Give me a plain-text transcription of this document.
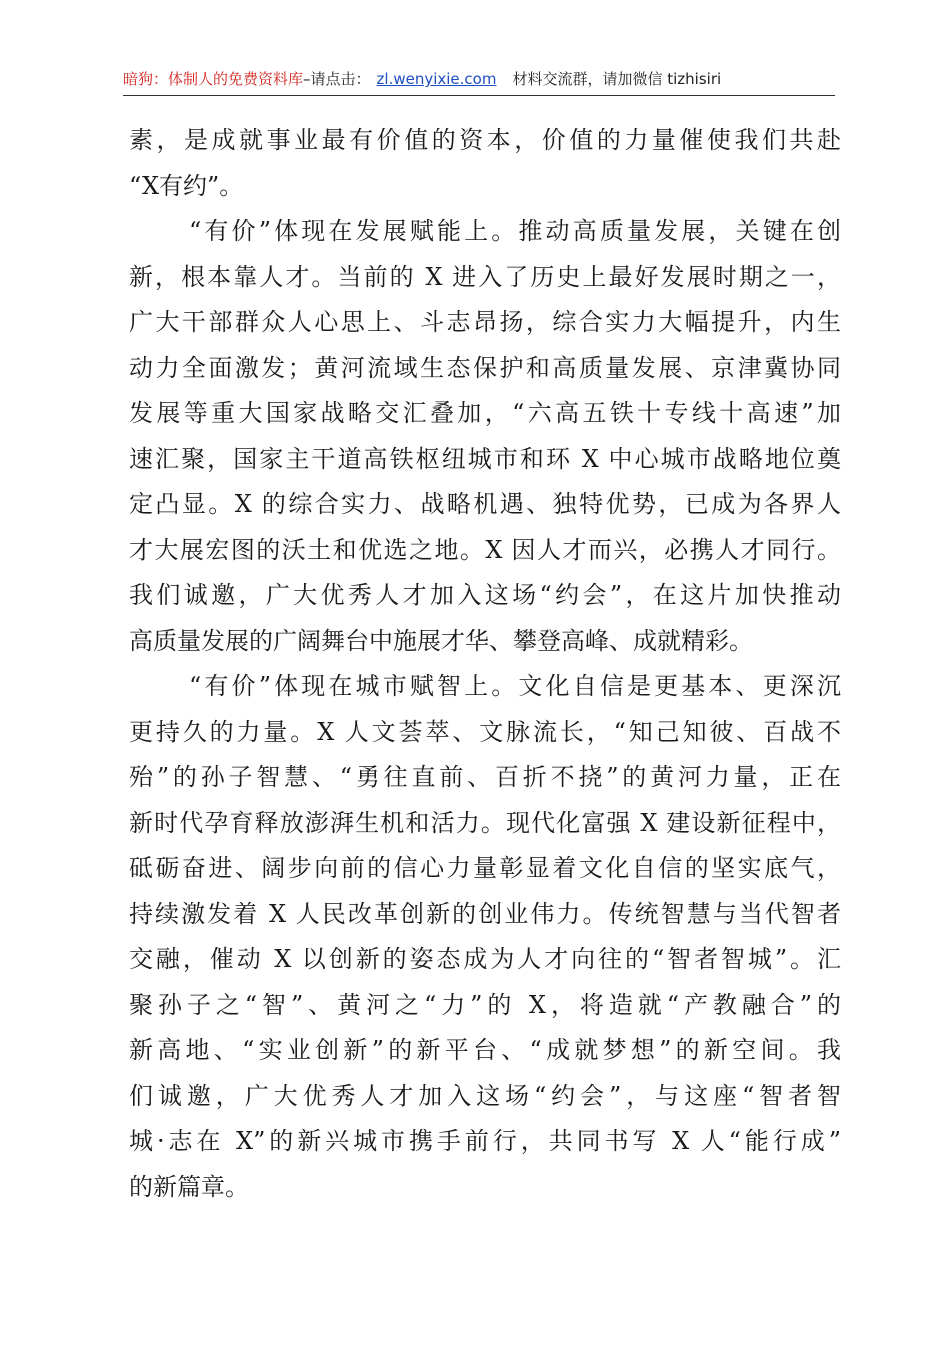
暗狗：体制人的免费资料库–请点击： zl.wenyixie.com 材料交流群，请加微信 tizhisiri
素，是成就事业最有价值的资本，价值的力量催使我们共赴
“X有约”。
“有价”体现在发展赋能上。推动高质量发展，关键在创
新，根本靠人才。当前的 X 进入了历史上最好发展时期之一，
广大干部群众人心思上、斗志昂扬，综合实力大幅提升，内生
动力全面激发；黄河流域生态保护和高质量发展、京津冀协同
发展等重大国家战略交汇叠加，“六高五铁十专线十高速”加
速汇聚，国家主干道高铁枢纽城市和环 X 中心城市战略地位奠
定凸显。X 的综合实力、战略机遇、独特优势，已成为各界人
才大展宏图的沃土和优选之地。X 因人才而兴，必携人才同行。
我们诚邀，广大优秀人才加入这场“约会”，在这片加快推动
高质量发展的广阔舞台中施展才华、攀登高峰、成就精彩。
“有价”体现在城市赋智上。文化自信是更基本、更深沉
更持久的力量。X 人文荟萃、文脉流长，“知己知彼、百战不
殆”的孙子智慧、“勇往直前、百折不挠”的黄河力量，正在
新时代孕育释放澎湃生机和活力。现代化富强 X 建设新征程中，
砥砺奋进、阔步向前的信心力量彰显着文化自信的坚实底气，
持续激发着 X 人民改革创新的创业伟力。传统智慧与当代智者
交融，催动 X 以创新的姿态成为人才向往的“智者智城”。汇
聚孙子之“智”、黄河之“力”的 X，将造就“产教融合”的
新高地、“实业创新”的新平台、“成就梦想”的新空间。我
们诚邀，广大优秀人才加入这场“约会”，与这座“智者智
城·志在 X”的新兴城市携手前行，共同书写 X 人“能行成”
的新篇章。
